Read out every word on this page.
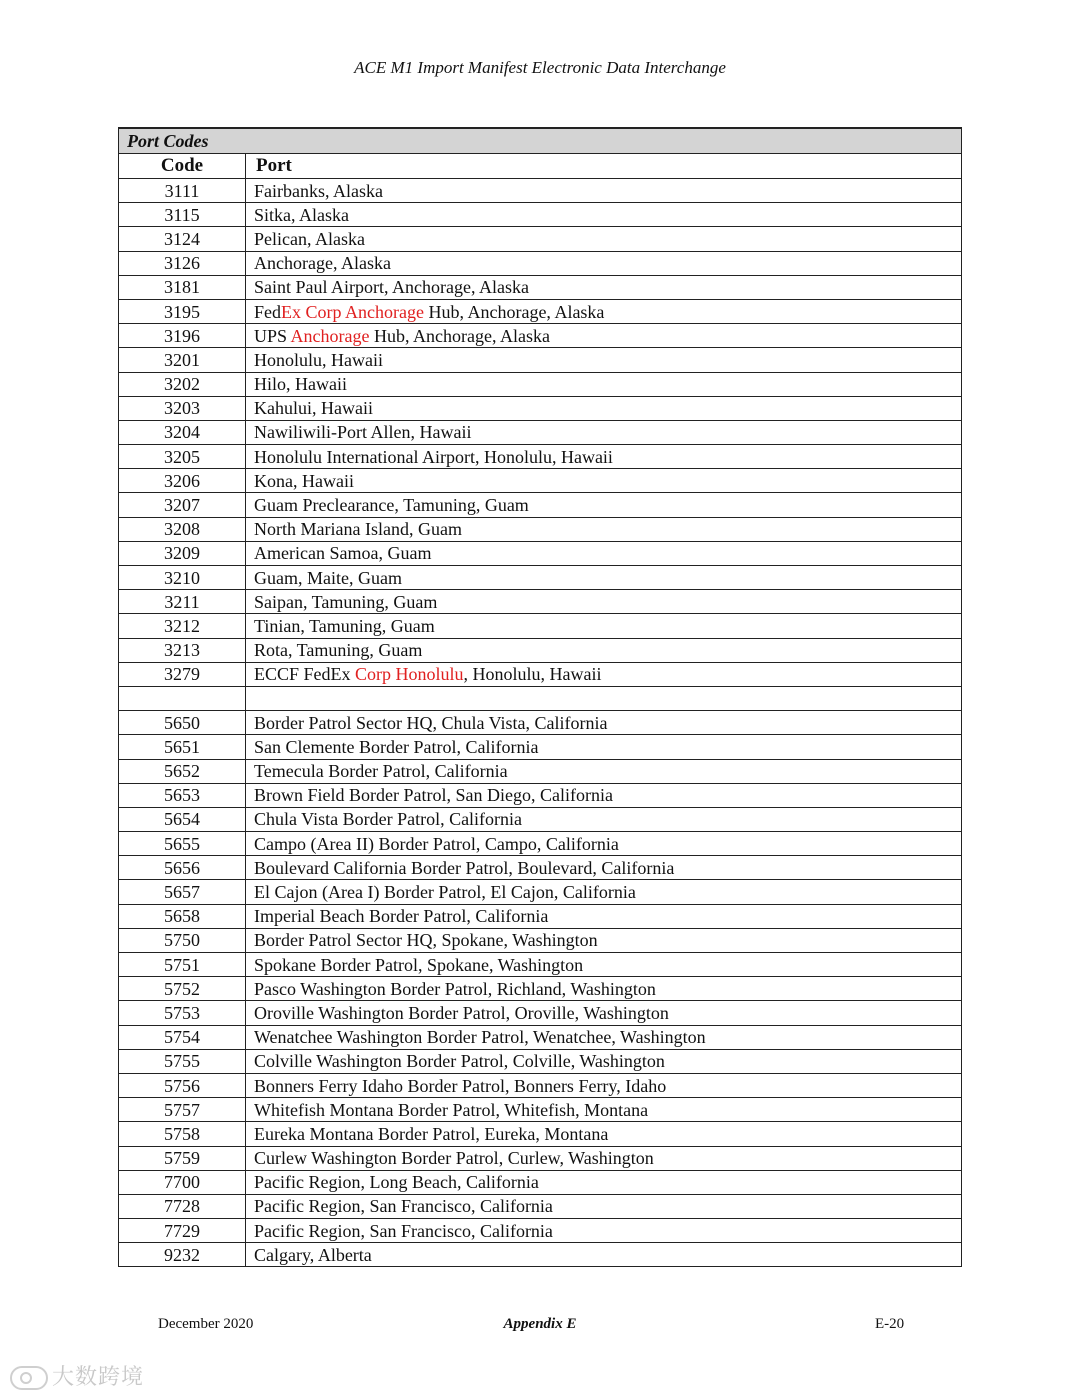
ACE M1 Import Manifest Electronic Data Interchange
Port Codes	
Code	Port
3111	Fairbanks, Alaska
3115	Sitka, Alaska
3124	Pelican, Alaska
3126	Anchorage, Alaska
3181	Saint Paul Airport, Anchorage, Alaska
3195	FedEx Corp Anchorage Hub, Anchorage, Alaska
3196	UPS Anchorage Hub, Anchorage, Alaska
3201	Honolulu, Hawaii
3202	Hilo, Hawaii
3203	Kahului, Hawaii
3204	Nawiliwili-Port Allen, Hawaii
3205	Honolulu International Airport, Honolulu, Hawaii
3206	Kona, Hawaii
3207	Guam Preclearance, Tamuning, Guam
3208	North Mariana Island, Guam
3209	American Samoa, Guam
3210	Guam, Maite, Guam
3211	Saipan, Tamuning, Guam
3212	Tinian, Tamuning, Guam
3213	Rota, Tamuning, Guam
3279	ECCF FedEx Corp Honolulu, Honolulu, Hawaii

5650	Border Patrol Sector HQ, Chula Vista, California
5651	San Clemente Border Patrol, California
5652	Temecula Border Patrol, California
5653	Brown Field Border Patrol, San Diego, California
5654	Chula Vista Border Patrol, California
5655	Campo (Area II) Border Patrol, Campo, California
5656	Boulevard California Border Patrol, Boulevard, California
5657	El Cajon (Area I) Border Patrol, El Cajon, California
5658	Imperial Beach Border Patrol, California
5750	Border Patrol Sector HQ, Spokane, Washington
5751	Spokane Border Patrol, Spokane, Washington
5752	Pasco Washington Border Patrol, Richland, Washington
5753	Oroville Washington Border Patrol, Oroville, Washington
5754	Wenatchee Washington Border Patrol, Wenatchee, Washington
5755	Colville Washington Border Patrol, Colville, Washington
5756	Bonners Ferry Idaho Border Patrol, Bonners Ferry, Idaho
5757	Whitefish Montana Border Patrol, Whitefish, Montana
5758	Eureka Montana Border Patrol, Eureka, Montana
5759	Curlew Washington Border Patrol, Curlew, Washington
7700	Pacific Region, Long Beach, California
7728	Pacific Region, San Francisco, California
7729	Pacific Region, San Francisco, California
9232	Calgary, Alberta
December 2020	Appendix E	E-20
大数跨境
